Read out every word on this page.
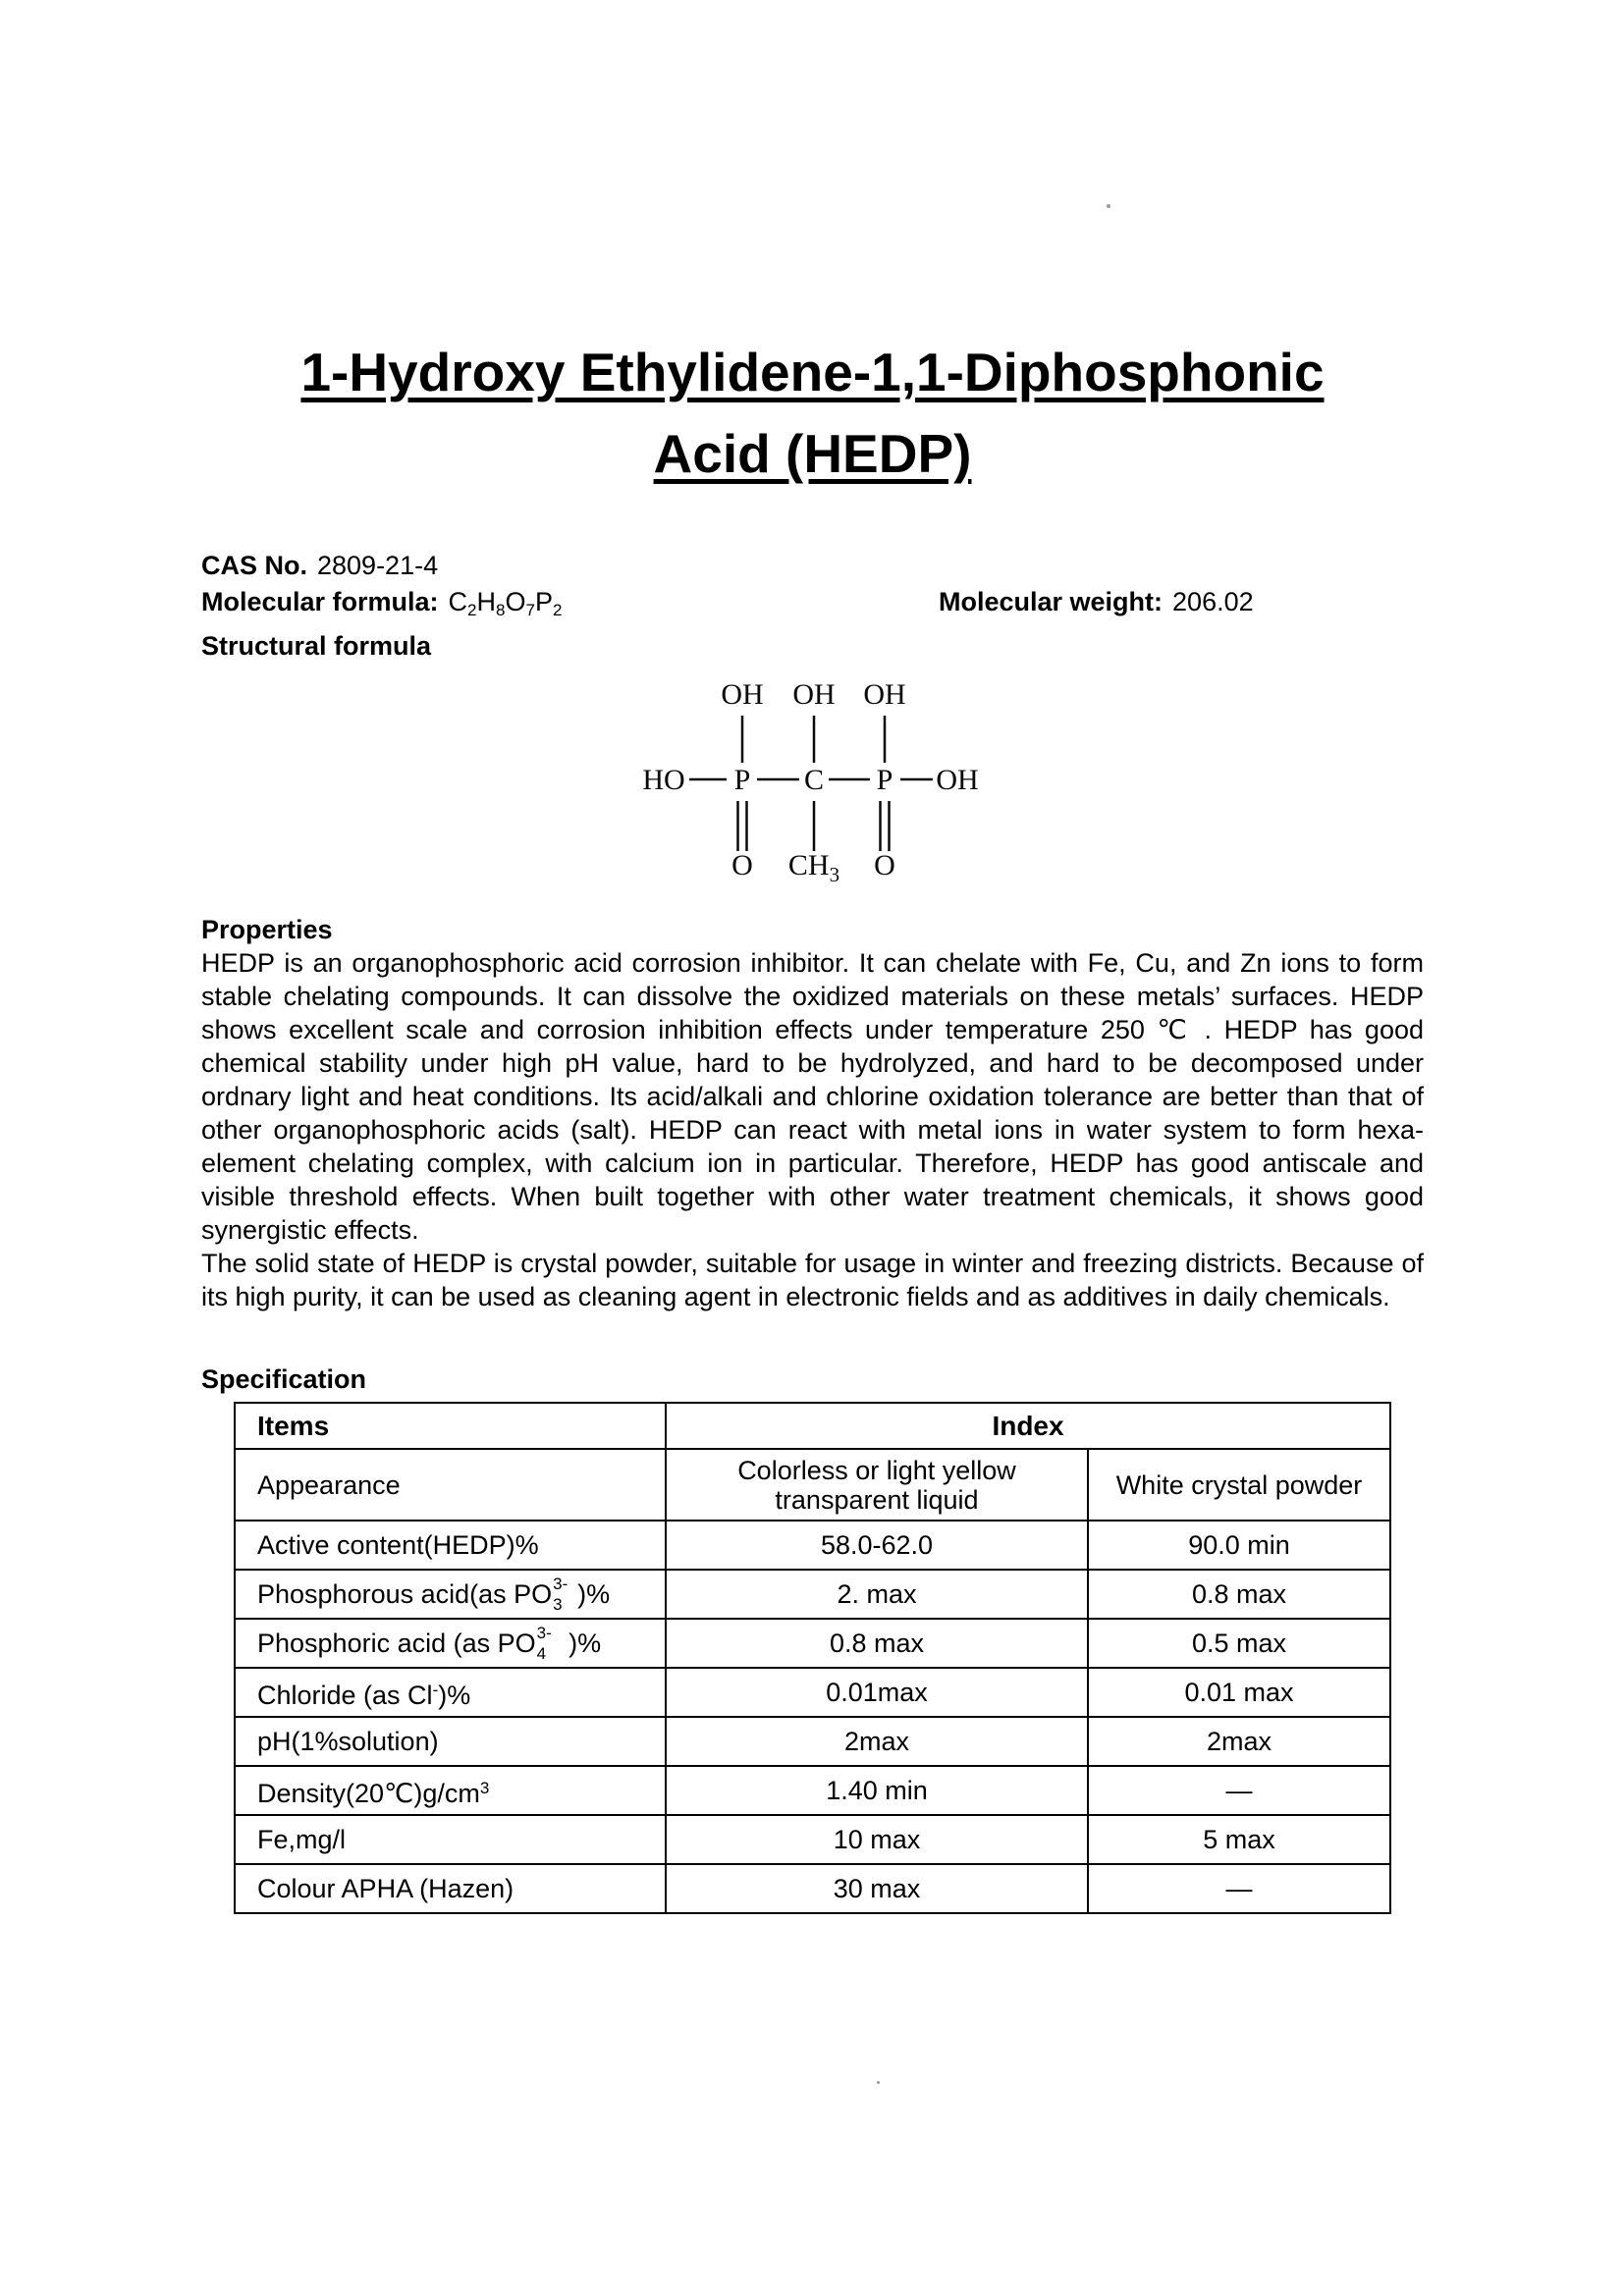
1-Hydroxy Ethylidene-1,1-Diphosphonic
Acid (HEDP)
CAS No. 2809-21-4
Molecular formula: $C_2H_8O_7P_2$	Molecular weight: 206.02
Structural formula
OH OH OH
HO P C P OH
O $CH_3$ O
Properties

HEDP is an organophosphoric acid corrosion inhibitor. It can chelate with Fe, Cu, and Zn ions to form stable chelating compounds. It can dissolve the oxidized materials on these metals’ surfaces. HEDP shows excellent scale and corrosion inhibition effects under temperature 250 ℃ . HEDP has good chemical stability under high pH value, hard to be hydrolyzed, and hard to be decomposed under ordnary light and heat conditions. Its acid/alkali and chlorine oxidation tolerance are better than that of other organophosphoric acids (salt). HEDP can react with metal ions in water system to form hexa-element chelating complex, with calcium ion in particular. Therefore, HEDP has good antiscale and visible threshold effects. When built together with other water treatment chemicals, it shows good synergistic effects.

The solid state of HEDP is crystal powder, suitable for usage in winter and freezing districts. Because of its high purity, it can be used as cleaning agent in electronic fields and as additives in daily chemicals.

Specification
Items	Index	
Appearance	Colorless or light yellow transparent liquid	White crystal powder
Active content(HEDP)%	58.0-62.0	90.0 min
Phosphorous acid(as PO 3-
3 )%	2. max	0.8 max
Phosphoric acid (as PO 3-
4 )%	0.8 max	0.5 max
Chloride (as Cl-)%	0.01max	0.01 max
pH(1%solution)	2max	2max
$Density(20℃)g/cm^3$	1.40 min	—
Fe,mg/l	10 max	5 max
Colour APHA (Hazen)	30 max	—
